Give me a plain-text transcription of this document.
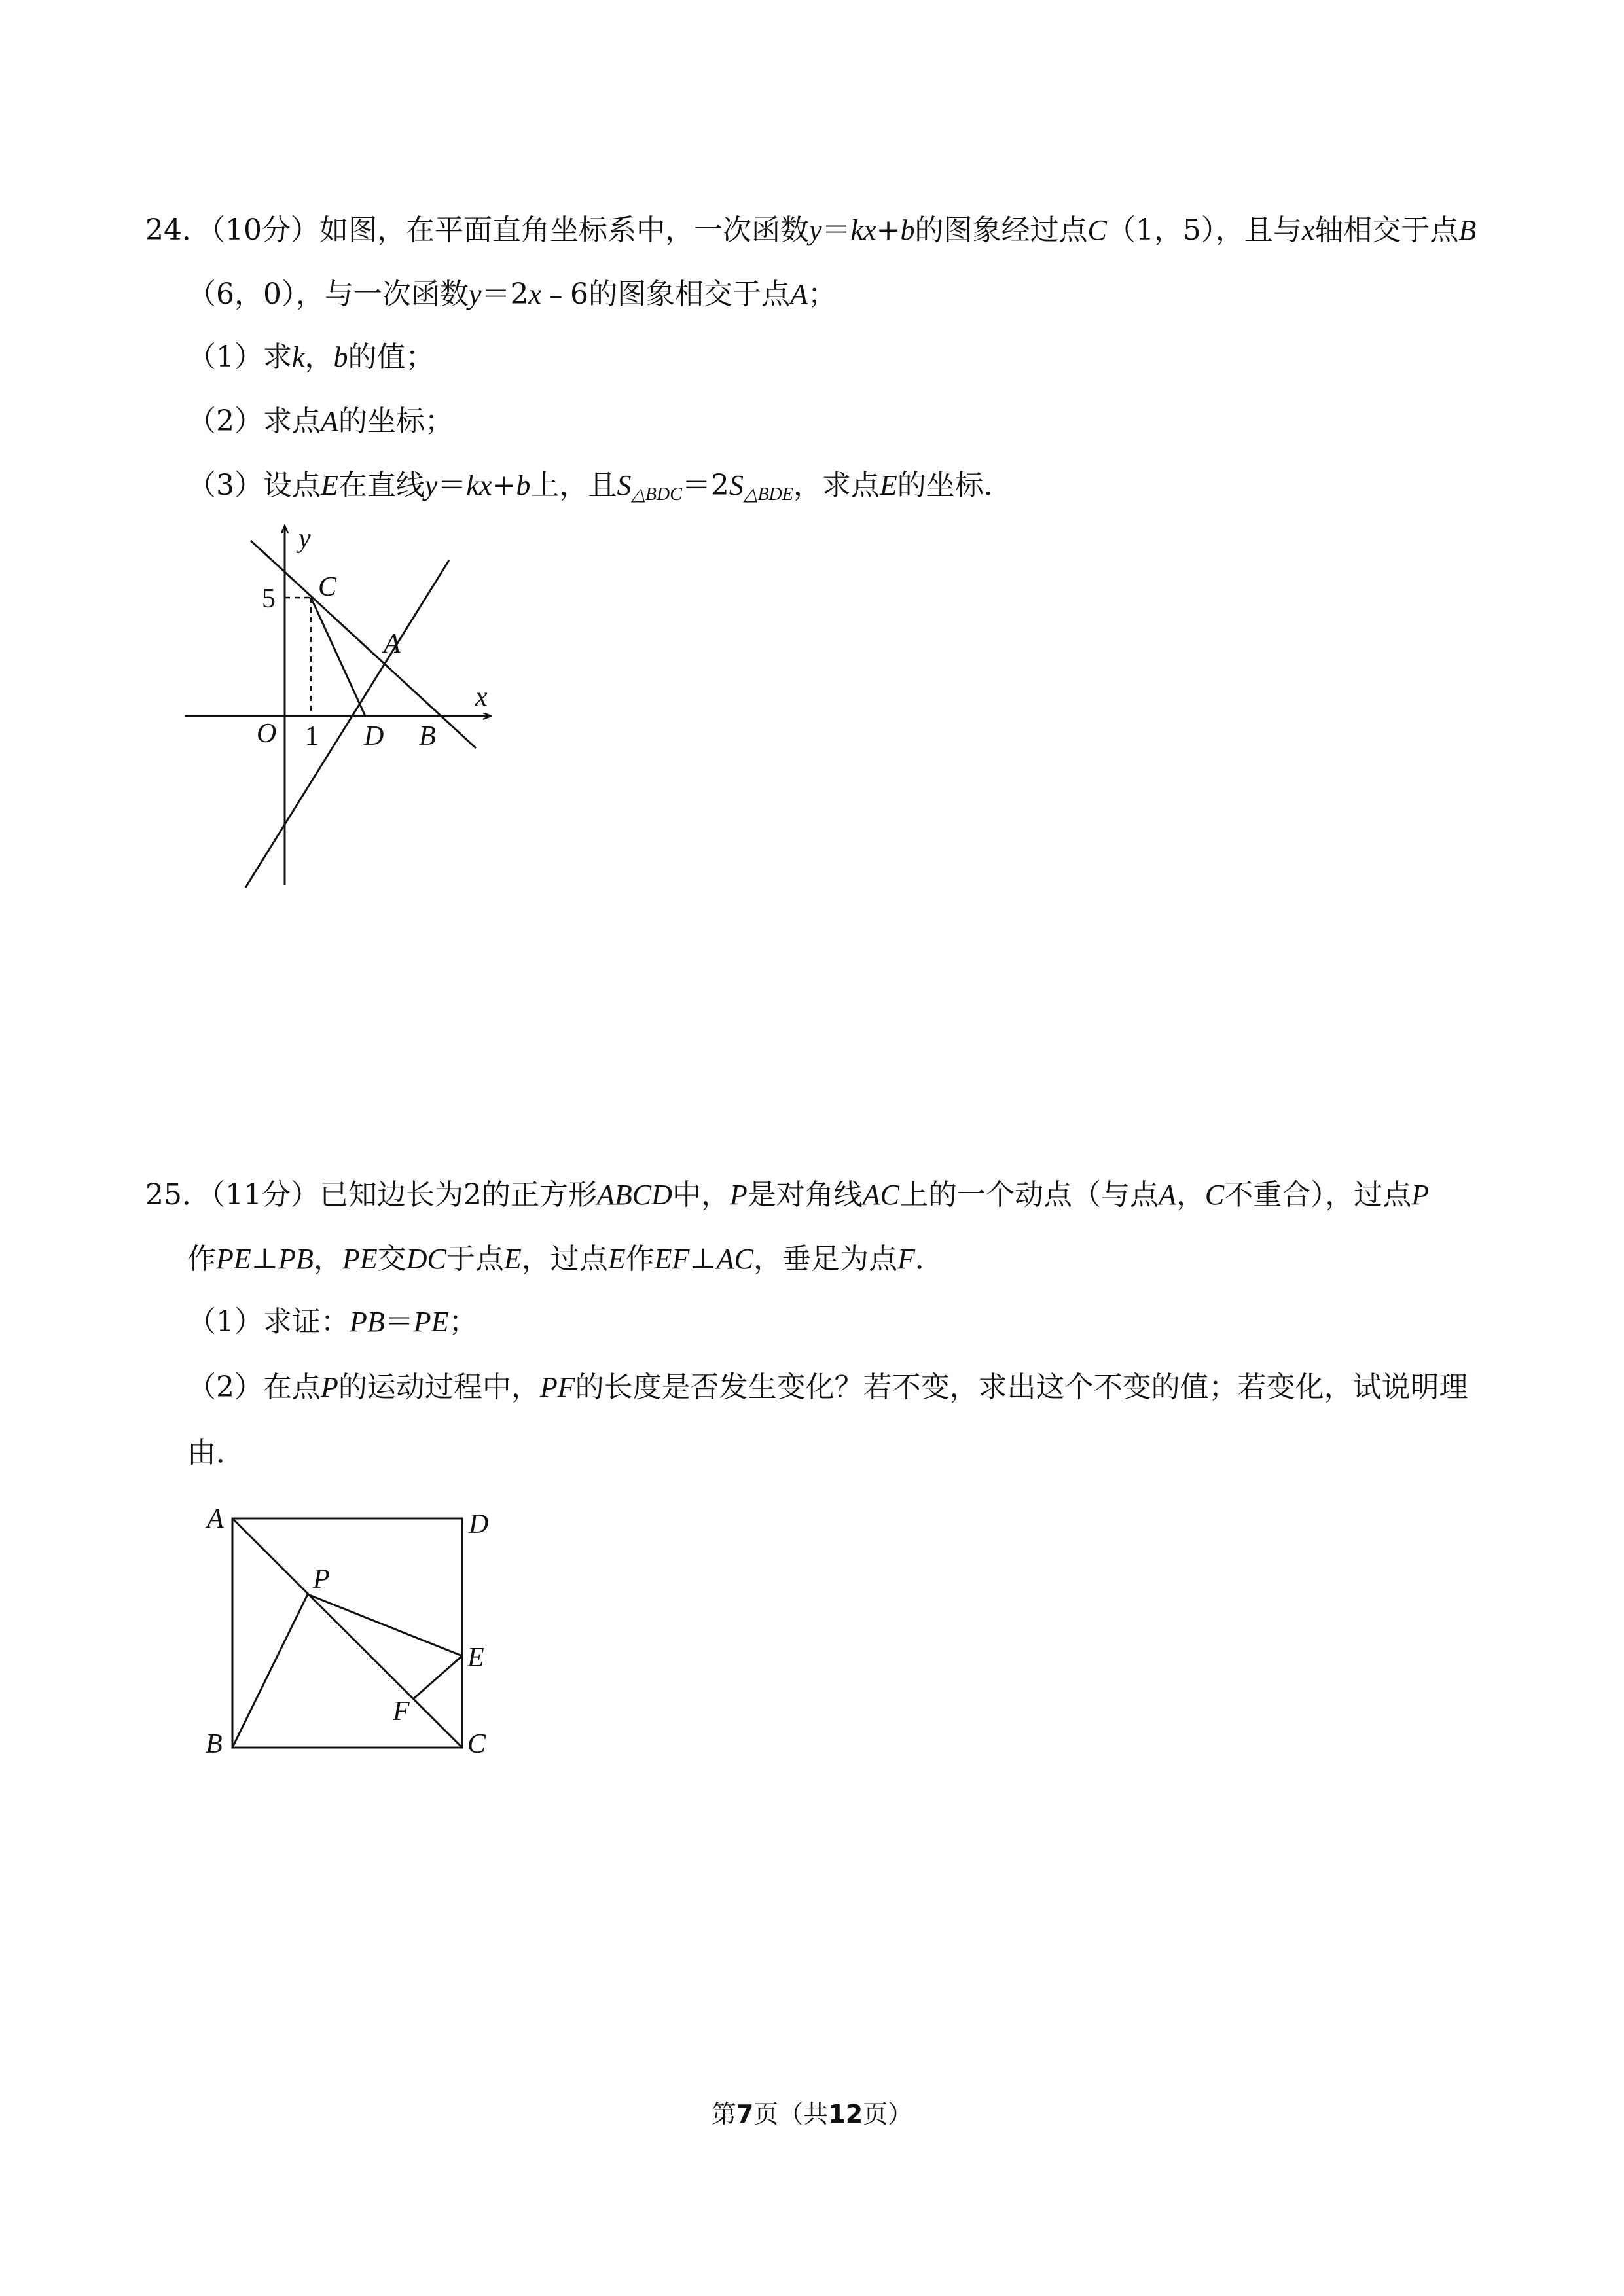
24．（10分）如图，在平面直角坐标系中，一次函数y＝kx+b的图象经过点C（1，5），且与x轴相交于点B
（6，0），与一次函数y＝2x﹣6的图象相交于点A；
（1）求k，b的值；
（2）求点A的坐标；
（3）设点E在直线y＝kx+b上，且$S_{\triangle BDC}=2S_{\triangle BDE}$，求点E的坐标．
y
x
C
A
O	D B
5
1
25．（11分）已知边长为2的正方形ABCD中，P是对角线AC上的一个动点（与点A，C不重合），过点P
作PE⊥PB，PE交DC于点E，过点E作EF⊥AC，垂足为点F．
（1）求证：PB＝PE；
（2）在点P的运动过程中，PF的长度是否发生变化？若不变，求出这个不变的值；若变化，试说明理
由．
A	D
P
E
F
B	C
第7页（共12页）
